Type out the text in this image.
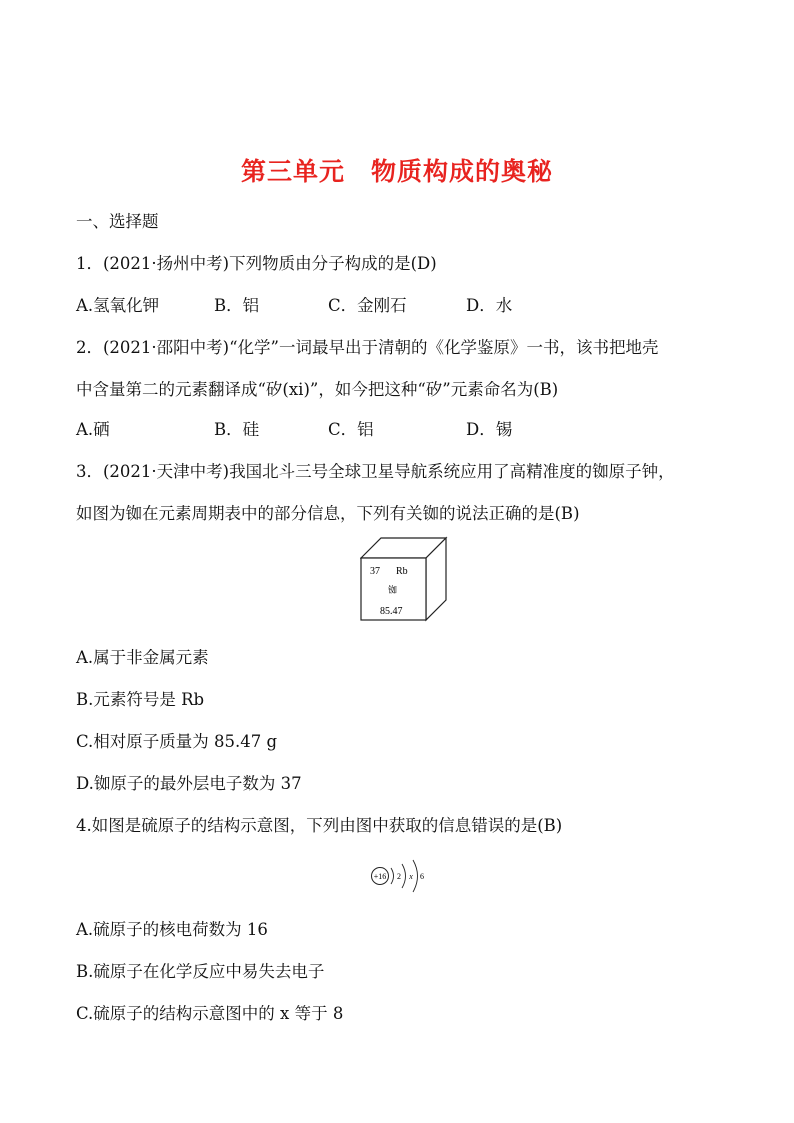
第三单元　物质构成的奥秘
一、选择题
1．(2021·扬州中考)下列物质由分子构成的是(D)
A.氢氧化钾	B．铝	C．金刚石	D．水
2．(2021·邵阳中考)“化学”一词最早出于清朝的《化学鉴原》一书，该书把地壳
中含量第二的元素翻译成“矽(xi)”，如今把这种“矽”元素命名为(B)
A.硒	B．硅	C．铝	D．锡
3．(2021·天津中考)我国北斗三号全球卫星导航系统应用了高精准度的铷原子钟，
如图为铷在元素周期表中的部分信息，下列有关铷的说法正确的是(B)
37 Rb
铷
85.47
A.属于非金属元素
B.元素符号是 Rb
C.相对原子质量为 85.47 g
D.铷原子的最外层电子数为 37
4.如图是硫原子的结构示意图，下列由图中获取的信息错误的是(B)
+16 2 x 6
A.硫原子的核电荷数为 16
B.硫原子在化学反应中易失去电子
C.硫原子的结构示意图中的 x 等于 8
